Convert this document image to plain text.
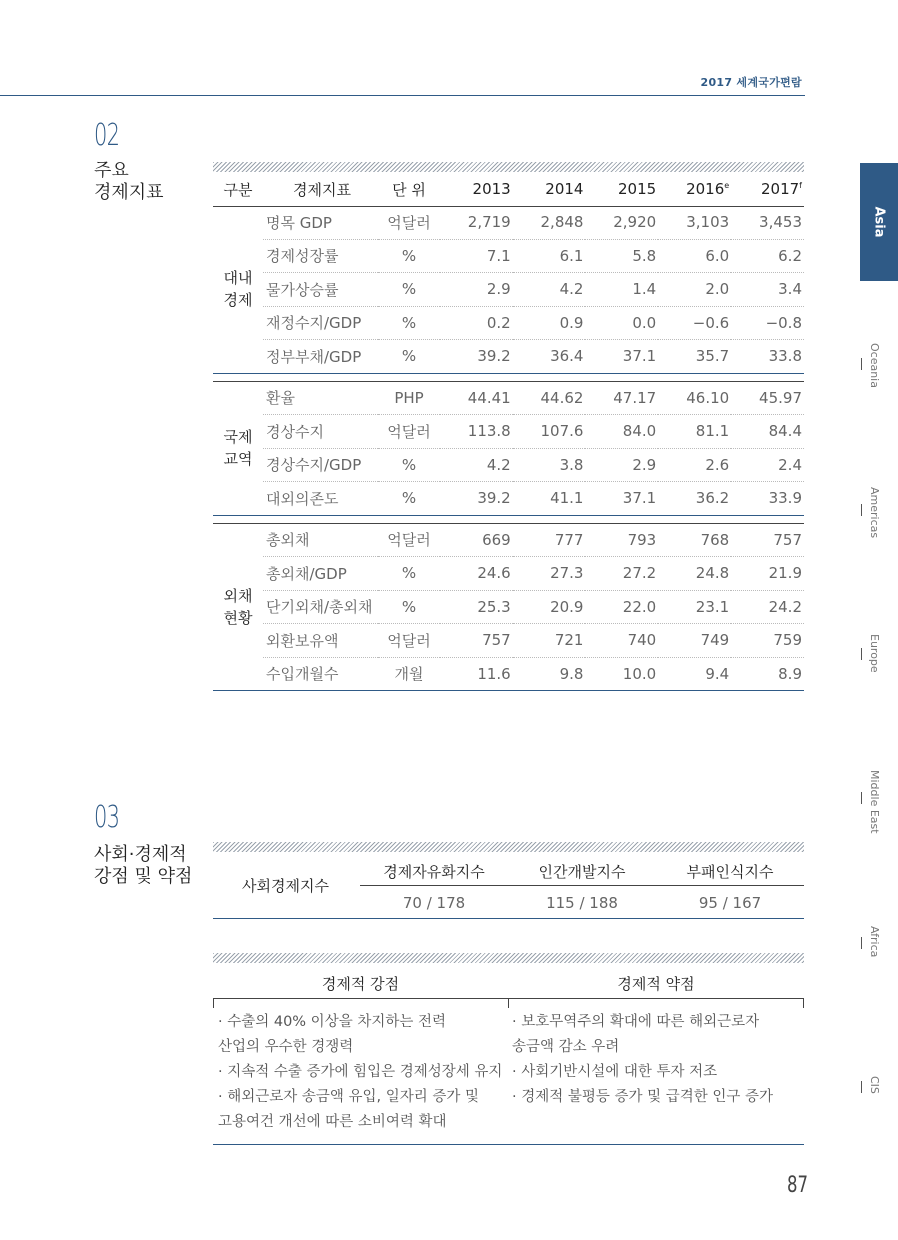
2017 세계국가편람
02
주요
경제지표	구분	경제지표	단 위	2013	2014	2015	2016e	2017$^f$
대내
경제	명목 GDP	억달러	2,719	2,848	2,920	3,103	3,453
	경제성장률	%	7.1	6.1	5.8	6.0	6.2
	물가상승률	%	2.9	4.2	1.4	2.0	3.4
	재정수지/GDP	%	0.2	0.9	0.0	−0.6	−0.8
	정부부채/GDP	%	39.2	36.4	37.1	35.7	33.8

국제
교역	환율	PHP	44.41	44.62	47.17	46.10	45.97
	경상수지	억달러	113.8	107.6	84.0	81.1	84.4
	경상수지/GDP	%	4.2	3.8	2.9	2.6	2.4
	대외의존도	%	39.2	41.1	37.1	36.2	33.9

외채
현황	총외채	억달러	669	777	793	768	757
	총외채/GDP	%	24.6	27.3	27.2	24.8	21.9
	단기외채/총외채	%	25.3	20.9	22.0	23.1	24.2
	외환보유액	억달러	757	721	740	749	759
	수입개월수	개월	11.6	9.8	10.0	9.4	8.9
03
사회·경제적
강점 및 약점	사회경제지수
경제자유화지수	인간개발지수	부패인식지수
70 / 178	115 / 188	95 / 167
경제적 강점	경제적 약점
· 수출의 40% 이상을 차지하는 전력
산업의 우수한 경쟁력
· 지속적 수출 증가에 힘입은 경제성장세 유지
· 해외근로자 송금액 유입, 일자리 증가 및
고용여건 개선에 따른 소비여력 확대
· 보호무역주의 확대에 따른 해외근로자
송금액 감소 우려
· 사회기반시설에 대한 투자 저조
· 경제적 불평등 증가 및 급격한 인구 증가
Asia
Oceania
Americas
Europe
Middle East
Africa
CIS
87
